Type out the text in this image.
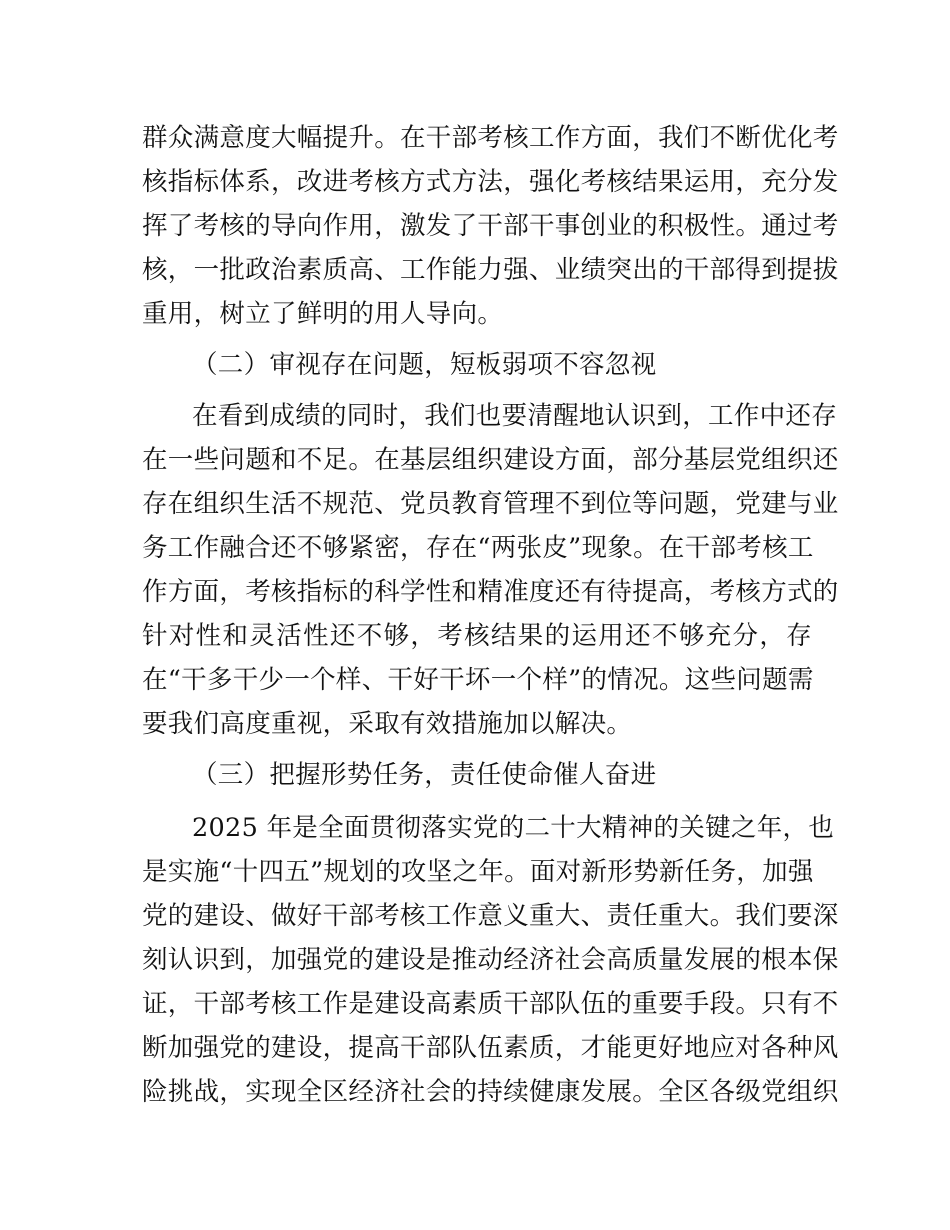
群众满意度大幅提升。在干部考核工作方面，我们不断优化考
核指标体系，改进考核方式方法，强化考核结果运用，充分发
挥了考核的导向作用，激发了干部干事创业的积极性。通过考
核，一批政治素质高、工作能力强、业绩突出的干部得到提拔
重用，树立了鲜明的用人导向。
（二）审视存在问题，短板弱项不容忽视
在看到成绩的同时，我们也要清醒地认识到，工作中还存
在一些问题和不足。在基层组织建设方面，部分基层党组织还
存在组织生活不规范、党员教育管理不到位等问题，党建与业
务工作融合还不够紧密，存在“两张皮”现象。在干部考核工
作方面，考核指标的科学性和精准度还有待提高，考核方式的
针对性和灵活性还不够，考核结果的运用还不够充分，存
在“干多干少一个样、干好干坏一个样”的情况。这些问题需
要我们高度重视，采取有效措施加以解决。
（三）把握形势任务，责任使命催人奋进
2025 年是全面贯彻落实党的二十大精神的关键之年，也
是实施“十四五”规划的攻坚之年。面对新形势新任务，加强
党的建设、做好干部考核工作意义重大、责任重大。我们要深
刻认识到，加强党的建设是推动经济社会高质量发展的根本保
证，干部考核工作是建设高素质干部队伍的重要手段。只有不
断加强党的建设，提高干部队伍素质，才能更好地应对各种风
险挑战，实现全区经济社会的持续健康发展。全区各级党组织
